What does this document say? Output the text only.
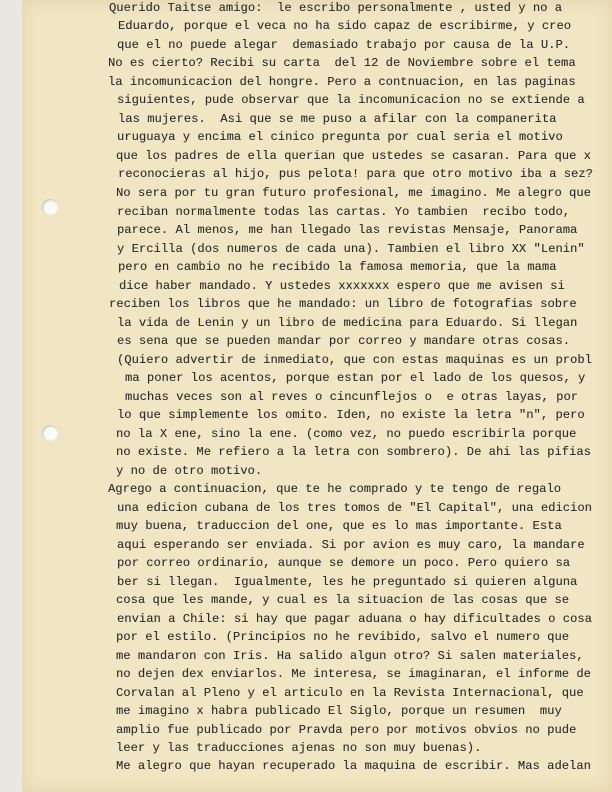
Querido Taitse amigo:  le escribo personalmente , usted y no a
Eduardo, porque el veca no ha sido capaz de escribirme, y creo
que el no puede alegar  demasiado trabajo por causa de la U.P.
No es cierto? Recibi su carta  del 12 de Noviembre sobre el tema
la incomunicacion del hongre. Pero a contnuacion, en las paginas
siguientes, pude observar que la incomunicacion no se extiende a
las mujeres.  Asi que se me puso a afilar con la companerita
uruguaya y encima el cinico pregunta por cual seria el motivo
que los padres de ella querian que ustedes se casaran. Para que x
reconocieras al hijo, pus pelota! para que otro motivo iba a sez?
No sera por tu gran futuro profesional, me imagino. Me alegro que
reciban normalmente todas las cartas. Yo tambien  recibo todo,
parece. Al menos, me han llegado las revistas Mensaje, Panorama
y Ercilla (dos numeros de cada una). Tambien el libro XX "Lenin"
pero en cambio no he recibido la famosa memoria, que la mama
dice haber mandado. Y ustedes xxxxxxx espero que me avisen si
reciben los libros que he mandado: un libro de fotografias sobre
la vida de Lenin y un libro de medicina para Eduardo. Si llegan
es sena que se pueden mandar por correo y mandare otras cosas.
(Quiero advertir de inmediato, que con estas maquinas es un probl
ma poner los acentos, porque estan por el lado de los quesos, y
muchas veces son al reves o cincunflejos o  e otras layas, por
lo que simplemente los omito. Iden, no existe la letra "n", pero
no la X ene, sino la ene. (como vez, no puedo escribirla porque
no existe. Me refiero a la letra con sombrero). De ahi las pifias
y no de otro motivo.
Agrego a continuacion, que te he comprado y te tengo de regalo
una edicion cubana de los tres tomos de "El Capital", una edicion
muy buena, traduccion del one, que es lo mas importante. Esta
aqui esperando ser enviada. Si por avion es muy caro, la mandare
por correo ordinario, aunque se demore un poco. Pero quiero sa
ber si llegan.  Igualmente, les he preguntado si quieren alguna
cosa que les mande, y cual es la situacion de las cosas que se
envian a Chile: si hay que pagar aduana o hay dificultades o cosa
por el estilo. (Principios no he revibido, salvo el numero que
me mandaron con Iris. Ha salido algun otro? Si salen materiales,
no dejen dex enviarlos. Me interesa, se imaginaran, el informe de
Corvalan al Pleno y el articulo en la Revista Internacional, que
me imagino x habra publicado El Siglo, porque un resumen  muy
amplio fue publicado por Pravda pero por motivos obvios no pude
leer y las traducciones ajenas no son muy buenas).
Me alegro que hayan recuperado la maquina de escribir. Mas adelan
